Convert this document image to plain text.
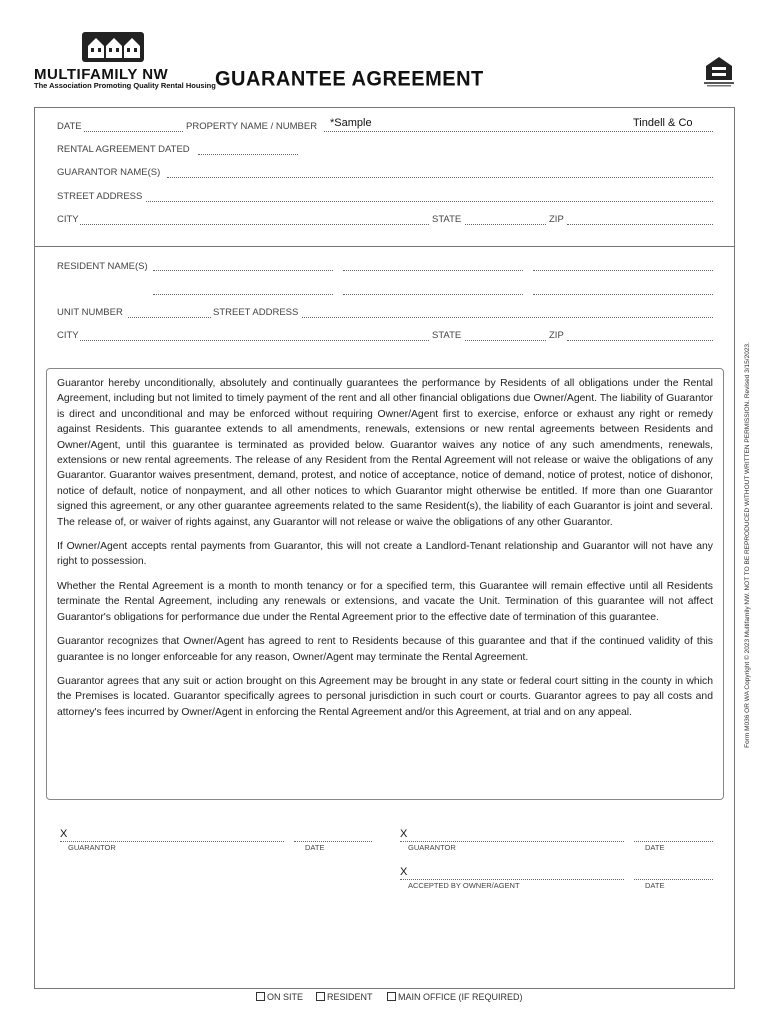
MULTIFAMILY NW
The Association Promoting Quality Rental Housing GUARANTEE AGREEMENT
DATE	PROPERTY NAME / NUMBER *Sample	Tindell & Co
RENTAL AGREEMENT DATED
GUARANTOR NAME(S)
STREET ADDRESS
CITY	STATE	ZIP
RESIDENT NAME(S)
UNIT NUMBER	STREET ADDRESS
CITY	STATE	ZIP

Guarantor hereby unconditionally, absolutely and continually guarantees the performance by Residents of all obligations under the Rental Agreement, including but not limited to timely payment of the rent and all other financial obligations due Owner/Agent. The liability of Guarantor is direct and unconditional and may be enforced without requiring Owner/Agent first to exercise, enforce or exhaust any right or remedy against Residents. This guarantee extends to all amendments, renewals, extensions or new rental agreements between Residents and Owner/Agent, until this guarantee is terminated as provided below. Guarantor waives any notice of any such amendments, renewals, extensions or new rental agreements. The release of any Resident from the Rental Agreement will not release or waive the obligations of any Guarantor. Guarantor waives presentment, demand, protest, and notice of acceptance, notice of demand, notice of protest, notice of dishonor, notice of default, notice of nonpayment, and all other notices to which Guarantor might otherwise be entitled. If more than one Guarantor signed this agreement, or any other guarantee agreements related to the same Resident(s), the liability of each Guarantor is joint and several. The release of, or waiver of rights against, any Guarantor will not release or waive the obligations of any other Guarantor.

If Owner/Agent accepts rental payments from Guarantor, this will not create a Landlord-Tenant relationship and Guarantor will not have any right to possession.

Whether the Rental Agreement is a month to month tenancy or for a specified term, this Guarantee will remain effective until all Residents terminate the Rental Agreement, including any renewals or extensions, and vacate the Unit. Termination of this guarantee will not affect Guarantor's obligations for performance due under the Rental Agreement prior to the effective date of termination of this guarantee.

Guarantor recognizes that Owner/Agent has agreed to rent to Residents because of this guarantee and that if the continued validity of this guarantee is no longer enforceable for any reason, Owner/Agent may terminate the Rental Agreement.

Guarantor agrees that any suit or action brought on this Agreement may be brought in any state or federal court sitting in the county in which the Premises is located. Guarantor specifically agrees to personal jurisdiction in such court or courts. Guarantor agrees to pay all costs and attorney's fees incurred by Owner/Agent in enforcing the Rental Agreement and/or this Agreement, at trial and on any appeal.	Form M036 OR WA Copyright © 2023 Multifamily NW. NOT TO BE REPRODUCED WITHOUT WRITTEN PERMISSION. Revised 3/15/2023.
X
GUARANTOR	DATE
X
GUARANTOR	DATE
X
ACCEPTED BY OWNER/AGENT	DATE
ON SITE	RESIDENT	MAIN OFFICE (IF REQUIRED)
